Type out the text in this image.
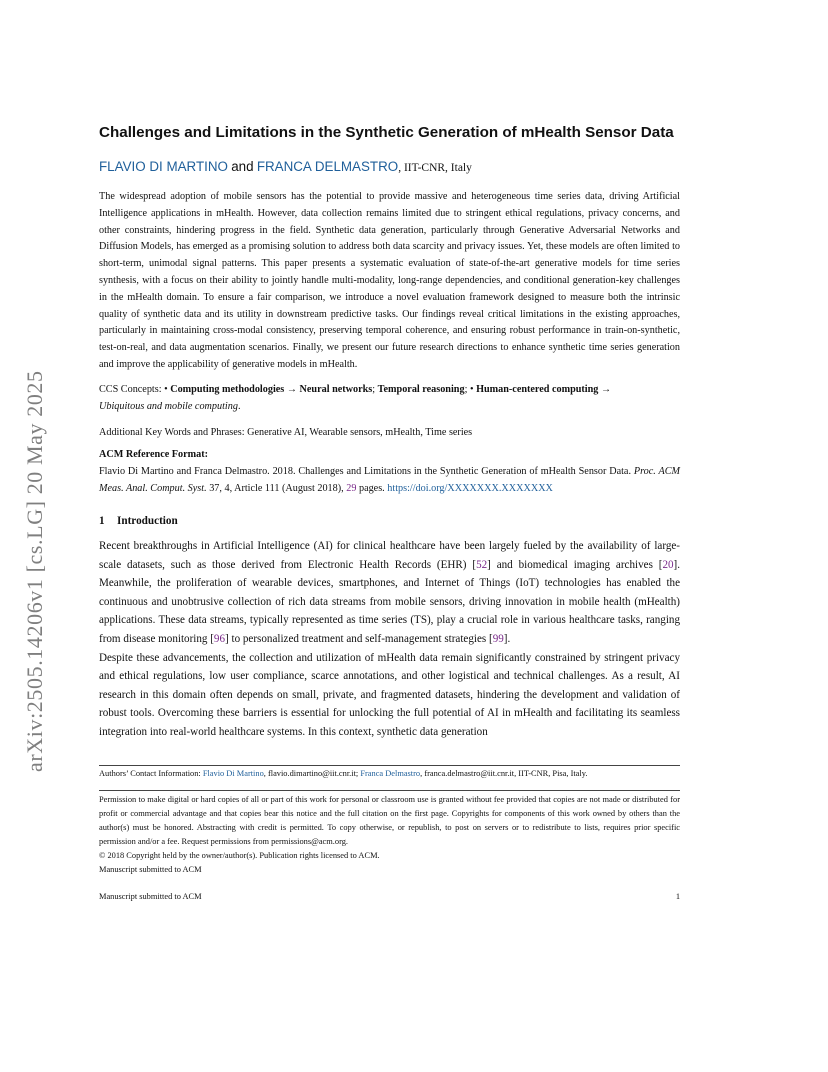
arXiv:2505.14206v1 [cs.LG] 20 May 2025
Challenges and Limitations in the Synthetic Generation of mHealth Sensor Data
FLAVIO DI MARTINO and FRANCA DELMASTRO, IIT-CNR, Italy
The widespread adoption of mobile sensors has the potential to provide massive and heterogeneous time series data, driving Artificial Intelligence applications in mHealth. However, data collection remains limited due to stringent ethical regulations, privacy concerns, and other constraints, hindering progress in the field. Synthetic data generation, particularly through Generative Adversarial Networks and Diffusion Models, has emerged as a promising solution to address both data scarcity and privacy issues. Yet, these models are often limited to short-term, unimodal signal patterns. This paper presents a systematic evaluation of state-of-the-art generative models for time series synthesis, with a focus on their ability to jointly handle multi-modality, long-range dependencies, and conditional generation-key challenges in the mHealth domain. To ensure a fair comparison, we introduce a novel evaluation framework designed to measure both the intrinsic quality of synthetic data and its utility in downstream predictive tasks. Our findings reveal critical limitations in the existing approaches, particularly in maintaining cross-modal consistency, preserving temporal coherence, and ensuring robust performance in train-on-synthetic, test-on-real, and data augmentation scenarios. Finally, we present our future research directions to enhance synthetic time series generation and improve the applicability of generative models in mHealth.
CCS Concepts: • Computing methodologies → Neural networks; Temporal reasoning; • Human-centered computing →
Ubiquitous and mobile computing.
Additional Key Words and Phrases: Generative AI, Wearable sensors, mHealth, Time series
ACM Reference Format:
Flavio Di Martino and Franca Delmastro. 2018. Challenges and Limitations in the Synthetic Generation of mHealth Sensor Data. Proc. ACM Meas. Anal. Comput. Syst. 37, 4, Article 111 (August 2018), 29 pages. https://doi.org/XXXXXXX.XXXXXXX
1 Introduction
Recent breakthroughs in Artificial Intelligence (AI) for clinical healthcare have been largely fueled by the availability of large-scale datasets, such as those derived from Electronic Health Records (EHR) [52] and biomedical imaging archives [20]. Meanwhile, the proliferation of wearable devices, smartphones, and Internet of Things (IoT) technologies has enabled the continuous and unobtrusive collection of rich data streams from mobile sensors, driving innovation in mobile health (mHealth) applications. These data streams, typically represented as time series (TS), play a crucial role in various healthcare tasks, ranging from disease monitoring [96] to personalized treatment and self-management strategies [99].
Despite these advancements, the collection and utilization of mHealth data remain significantly constrained by stringent privacy and ethical regulations, low user compliance, scarce annotations, and other logistical and technical challenges. As a result, AI research in this domain often depends on small, private, and fragmented datasets, hindering the development and validation of robust tools. Overcoming these barriers is essential for unlocking the full potential of AI in mHealth and facilitating its seamless integration into real-world healthcare systems. In this context, synthetic data generation
Authors’ Contact Information: Flavio Di Martino, flavio.dimartino@iit.cnr.it; Franca Delmastro, franca.delmastro@iit.cnr.it, IIT-CNR, Pisa, Italy.
Permission to make digital or hard copies of all or part of this work for personal or classroom use is granted without fee provided that copies are not made or distributed for profit or commercial advantage and that copies bear this notice and the full citation on the first page. Copyrights for components of this work owned by others than the author(s) must be honored. Abstracting with credit is permitted. To copy otherwise, or republish, to post on servers or to redistribute to lists, requires prior specific permission and/or a fee. Request permissions from permissions@acm.org.
© 2018 Copyright held by the owner/author(s). Publication rights licensed to ACM.
Manuscript submitted to ACM
Manuscript submitted to ACM	1
